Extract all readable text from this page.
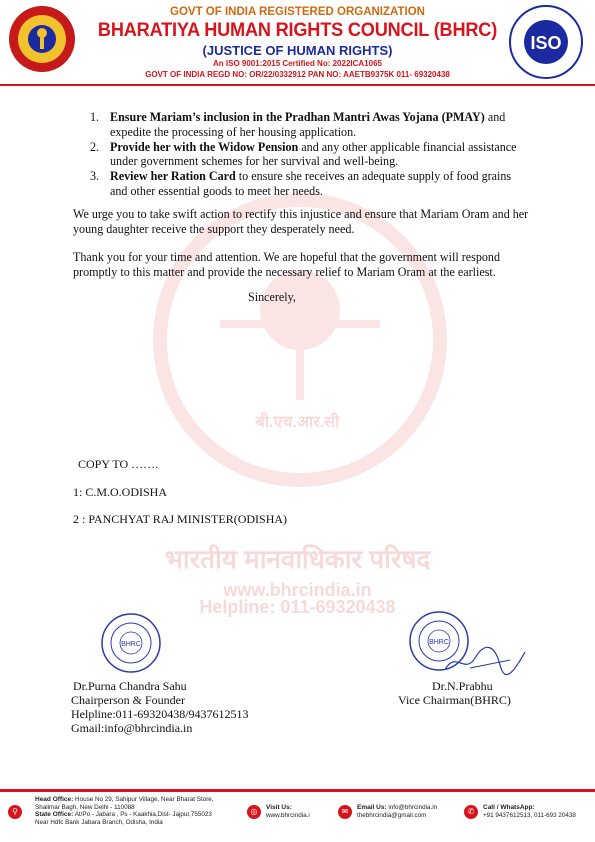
भारतीय मानवाधिकार परिषद
www.bhrcindia.in
Helpline: 011-69320438
बी.एच.आर.सी
ISO
GOVT OF INDIA REGISTERED ORGANIZATION
BHARATIYA HUMAN RIGHTS COUNCIL (BHRC)
(JUSTICE OF HUMAN RIGHTS)
An ISO 9001:2015 Certified No: 2022ICA1065
GOVT OF INDIA REGD NO: OR/22/0332912 PAN NO: AAETB9375K 011- 69320438
1. Ensure Mariam’s inclusion in the Pradhan Mantri Awas Yojana (PMAY) and expedite the processing of her housing application.
2. Provide her with the Widow Pension and any other applicable financial assistance under government schemes for her survival and well-being.
3. Review her Ration Card to ensure she receives an adequate supply of food grains and other essential goods to meet her needs.
We urge you to take swift action to rectify this injustice and ensure that Mariam Oram and her young daughter receive the support they desperately need.
Thank you for your time and attention. We are hopeful that the government will respond promptly to this matter and provide the necessary relief to Mariam Oram at the earliest.
Sincerely,
COPY TO …….
1: C.M.O.ODISHA
2 : PANCHYAT RAJ MINISTER(ODISHA)
BHRC	BHRC
Dr.Purna Chandra Sahu
Chairperson & Founder
Helpline:011-69320438/9437612513
Gmail:info@bhrcindia.in
Dr.N.Prabhu
Vice Chairman(BHRC)
⚲
Head Office: House No 29, Sahipur Village, Near Bharat Store, Shalimar Bagh, New Delhi - 110088
State Office: At/Po - Jabara , Ps - Kaakhia,Dist- Jajpur,755023
Near Hdfc Bank Jabara Branch, Odisha, India
◎	Visit Us:
www.bhrcindia.i	✉	Email Us: info@bhrcindia.in
thebhrcindia@gmail.com	✆	Call / WhatsApp:
+91 9437612513, 011-693 20438
